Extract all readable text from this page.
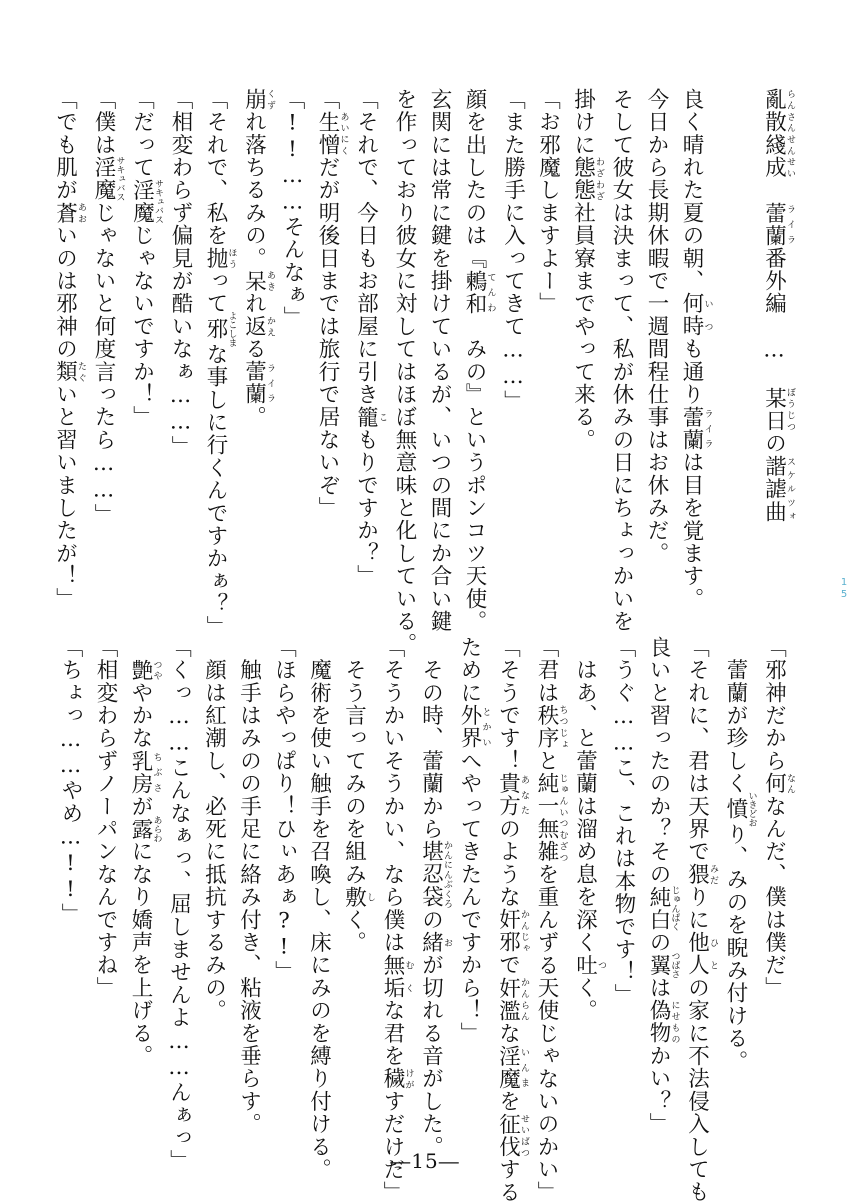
亂散綫成らんさんせんせい　蕾蘭ライラ番外編　…　某日ぼうじつの諧謔曲スケルツォ
良く晴れた夏の朝、何時いつも通り蕾蘭ライラは目を覚ます。
今日から長期休暇で一週間程仕事はお休みだ。
そして彼女は決まって、私が休みの日にちょっかいを
掛けに態態わざわざ社員寮までやって来る。
「お邪魔しますよー」
「また勝手に入ってきて……」
顔を出したのは『鶫和てんわ　みの』というポンコツ天使。
玄関には常に鍵を掛けているが、いつの間にか合い鍵
を作っており彼女に対してはほぼ無意味と化している。
「それで、今日もお部屋に引き籠こもりですか？」
「生憎あいにくだが明後日までは旅行で居ないぞ」
「!!……そんなぁ」
崩くずれ落ちるみの。呆あきれ返かえる蕾蘭ライラ。
「それで、私を抛ほうって邪よこしまな事しに行くんですかぁ？」
「相変わらず偏見が酷いなぁ……」
「だって淫魔サキュバスじゃないですか！」
「僕は淫魔サキュバスじゃないと何度言ったら……」
「でも肌が蒼あおいのは邪神の類たぐいと習いましたが！」
「邪神だから何なんなんだ、僕は僕だ」
　蕾蘭が珍しく憤いきどおり、みのを睨み付ける。
「それに、君は天界で猥みだりに他人ひとの家に不法侵入しても
良いと習ったのか？その純白じゅんぱくの翼つばさは偽物にせものかい？」
「うぐ……こ、これは本物です！」
　はあ、と蕾蘭は溜め息を深く吐つく。
「君は秩序ちつじょと純一無雑じゅんいつむざつを重んずる天使じゃないのかい」
「そうです！貴方あなたのような奸邪かんじゃで奸濫かんらんな淫魔いんまを征伐せいばつする
ために外界とかいへやってきたんですから！」
　その時、蕾蘭から堪忍袋かんにんぶくろの緒おが切れる音がした。
「そうかいそうかい、なら僕は無垢むくな君を穢けがすだけだ」
　そう言ってみのを組み敷しく。
　魔術を使い触手を召喚し、床にみのを縛り付ける。
「ほらやっぱり！ひぃあぁ?!」
　触手はみのの手足に絡み付き、粘液を垂らす。
　顔は紅潮し、必死に抵抗するみの。
「くっ……こんなぁっ、屈しませんよ……んぁっ」
　艶つややかな乳房ちぶさが露あらわになり嬌声を上げる。
「相変わらずノーパンなんですね」
「ちょっ……やめ…!!」
1
5
―15―
